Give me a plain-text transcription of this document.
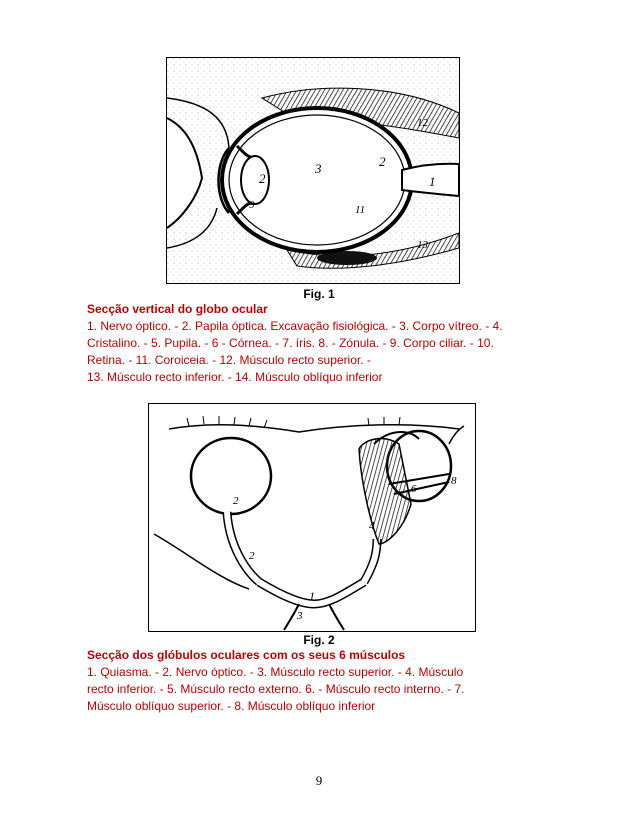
2
3	2
1
9	11
12
13
Fig. 1
Secção vertical do globo ocular
1. Nervo óptico. - 2. Papila óptica. Excavação fisiológica. - 3. Corpo vítreo. - 4.
Cristalino. - 5. Pupila. - 6 - Córnea. - 7. íris. 8. - Zónula. - 9. Corpo ciliar. - 10.
Retina. - 11. Coroiceia. - 12. Músculo recto superior. -
13. Músculo recto inferior. - 14. Músculo oblíquo inferior
1
2
2
3
4
6
8
Fig. 2
Secção dos glóbulos oculares com os seus 6 músculos
1. Quiasma. - 2. Nervo óptico. - 3. Músculo recto superior. - 4. Músculo
recto inferior. - 5. Músculo recto externo. 6. - Músculo recto interno. - 7.
Músculo oblíquo superior. - 8. Músculo oblíquo inferior
9
